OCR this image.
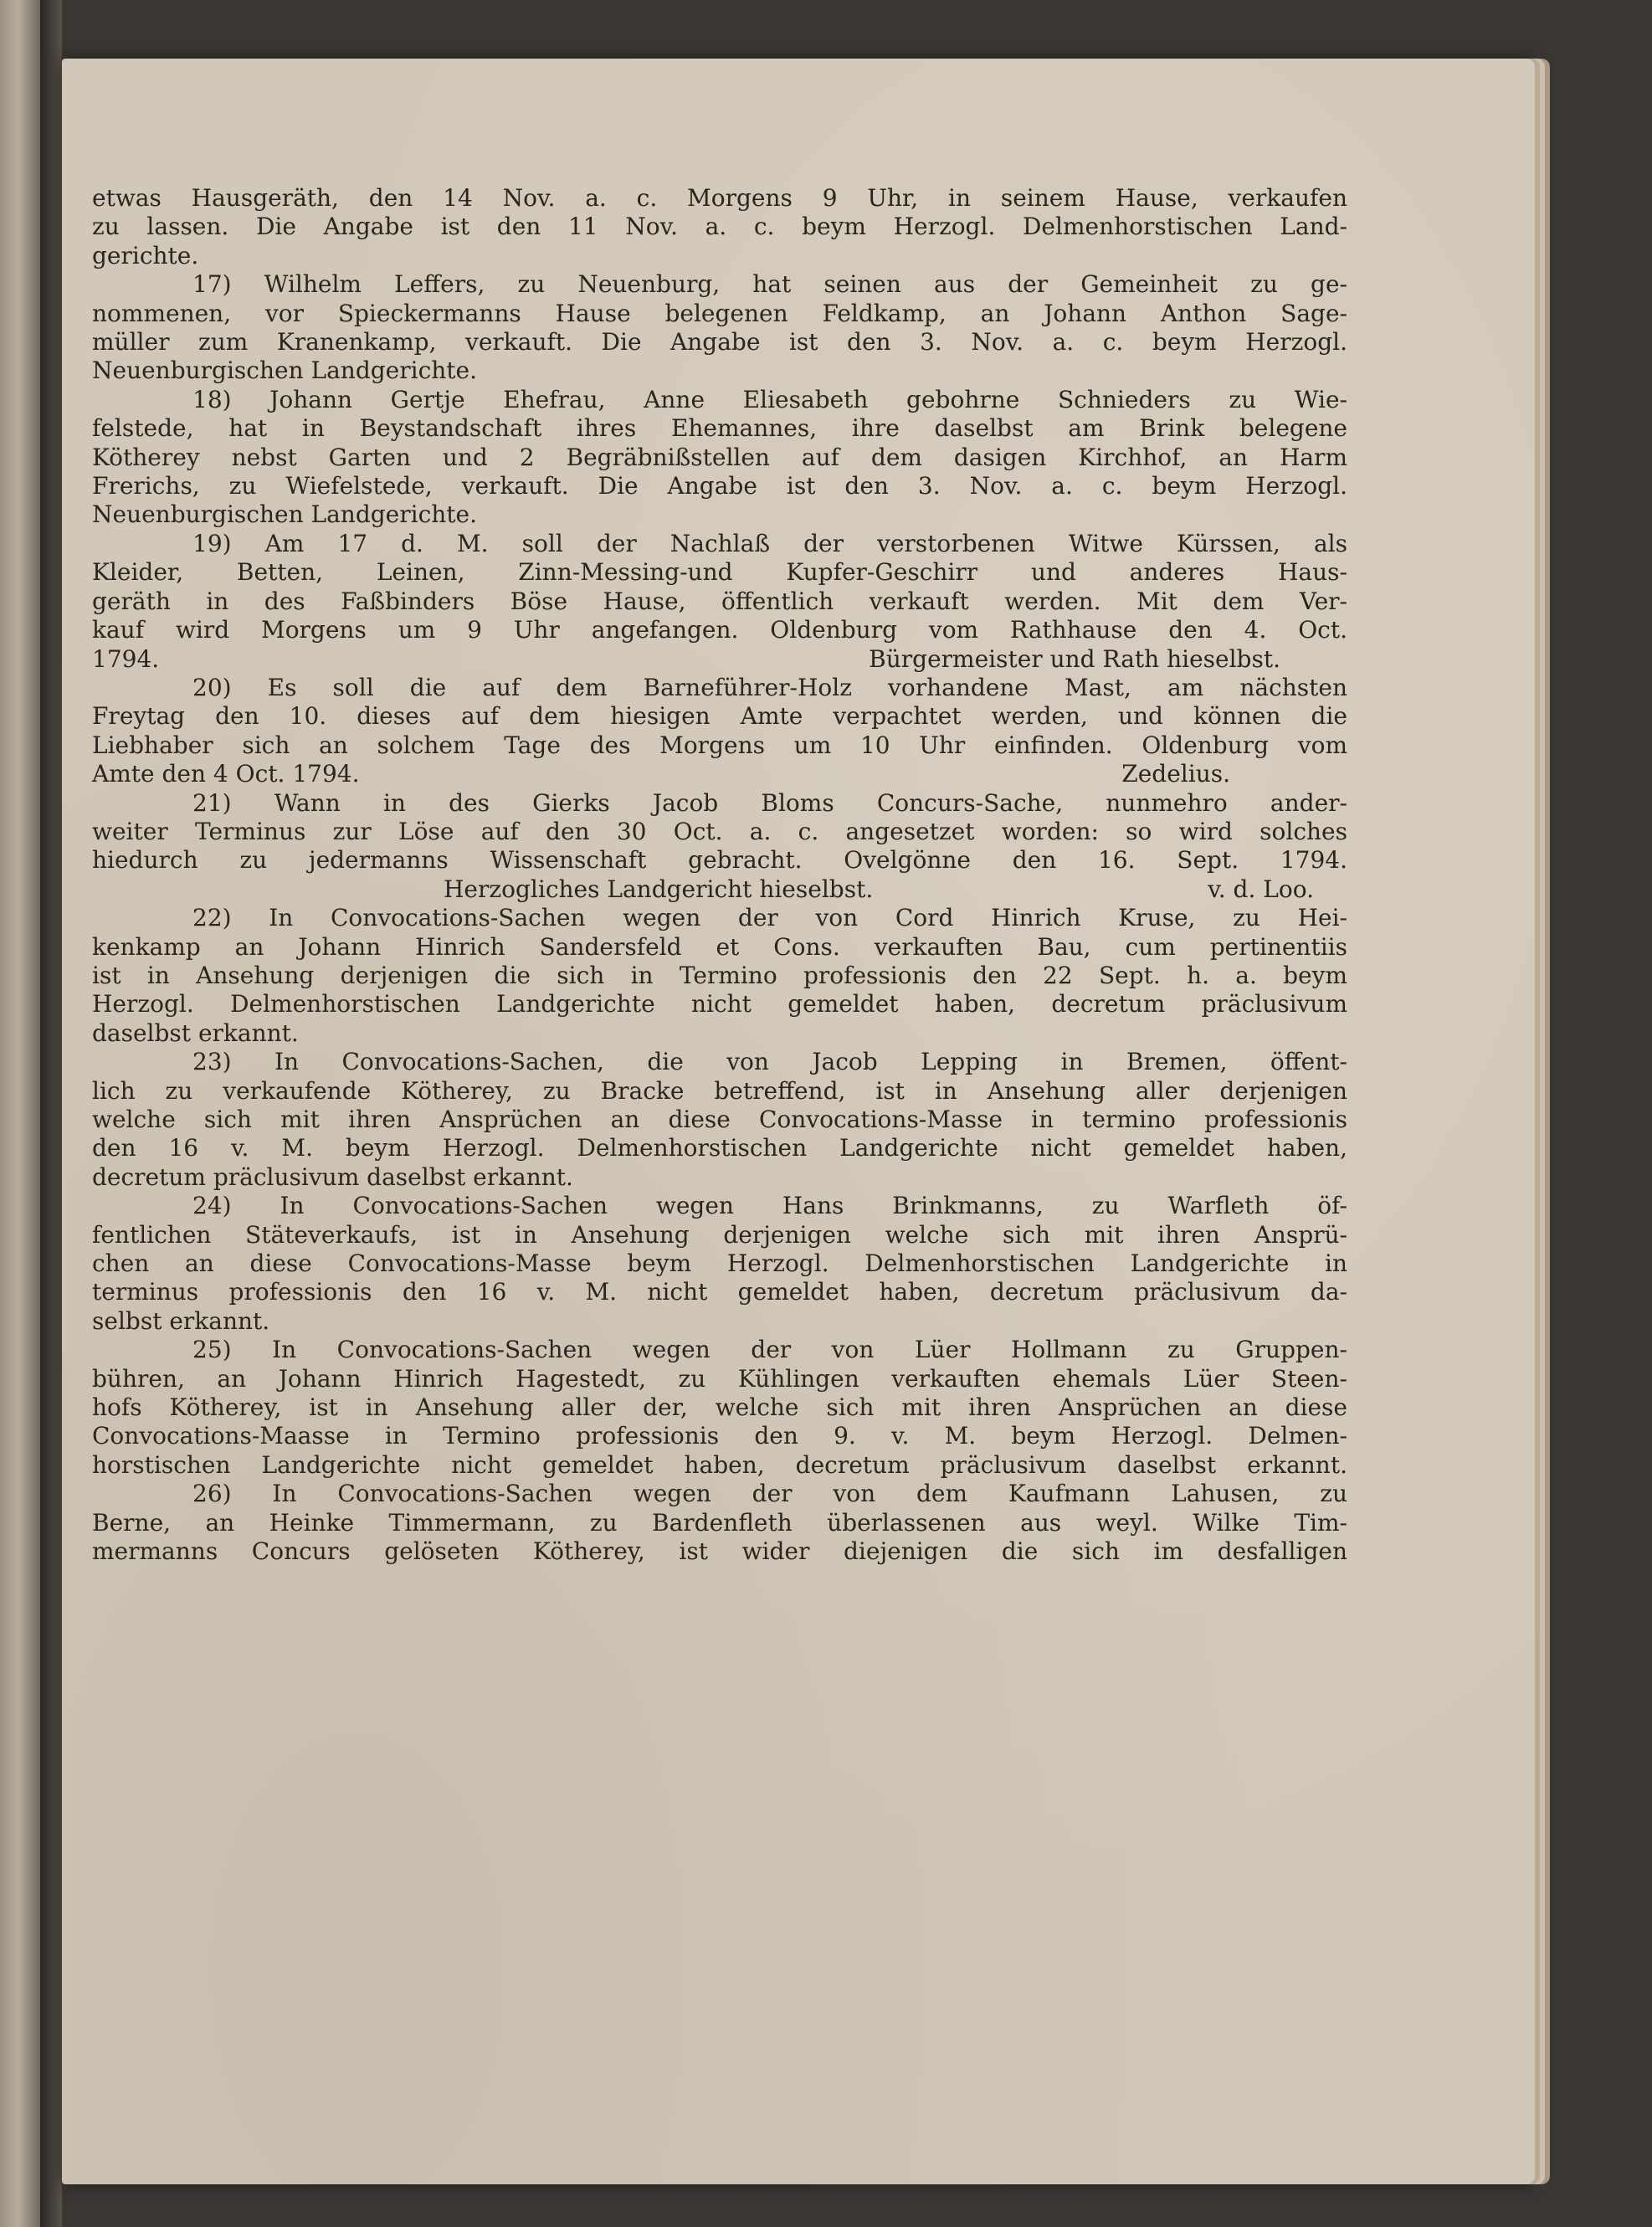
etwas Hausgeräth, den 14 Nov. a. c. Morgens 9 Uhr, in seinem Hause, verkaufen
zu lassen. Die Angabe ist den 11 Nov. a. c. beym Herzogl. Delmenhorstischen Land-
gerichte.
17) Wilhelm Leffers, zu Neuenburg, hat seinen aus der Gemeinheit zu ge-
nommenen, vor Spieckermanns Hause belegenen Feldkamp, an Johann Anthon Sage-
müller zum Kranenkamp, verkauft. Die Angabe ist den 3. Nov. a. c. beym Herzogl.
Neuenburgischen Landgerichte.
18) Johann Gertje Ehefrau, Anne Eliesabeth gebohrne Schnieders zu Wie-
felstede, hat in Beystandschaft ihres Ehemannes, ihre daselbst am Brink belegene
Kötherey nebst Garten und 2 Begräbnißstellen auf dem dasigen Kirchhof, an Harm
Frerichs, zu Wiefelstede, verkauft. Die Angabe ist den 3. Nov. a. c. beym Herzogl.
Neuenburgischen Landgerichte.
19) Am 17 d. M. soll der Nachlaß der verstorbenen Witwe Kürssen, als
Kleider, Betten, Leinen, Zinn-Messing-und Kupfer-Geschirr und anderes Haus-
geräth in des Faßbinders Böse Hause, öffentlich verkauft werden. Mit dem Ver-
kauf wird Morgens um 9 Uhr angefangen. Oldenburg vom Rathhause den 4. Oct.
1794.	Bürgermeister und Rath hieselbst.
20) Es soll die auf dem Barneführer-Holz vorhandene Mast, am nächsten
Freytag den 10. dieses auf dem hiesigen Amte verpachtet werden, und können die
Liebhaber sich an solchem Tage des Morgens um 10 Uhr einfinden. Oldenburg vom
Amte den 4 Oct. 1794.	Zedelius.
21) Wann in des Gierks Jacob Bloms Concurs-Sache, nunmehro ander-
weiter Terminus zur Löse auf den 30 Oct. a. c. angesetzet worden: so wird solches
hiedurch zu jedermanns Wissenschaft gebracht. Ovelgönne den 16. Sept. 1794.
Herzogliches Landgericht hieselbst.	v. d. Loo.
22) In Convocations-Sachen wegen der von Cord Hinrich Kruse, zu Hei-
kenkamp an Johann Hinrich Sandersfeld et Cons. verkauften Bau, cum pertinentiis
ist in Ansehung derjenigen die sich in Termino professionis den 22 Sept. h. a. beym
Herzogl. Delmenhorstischen Landgerichte nicht gemeldet haben, decretum präclusivum
daselbst erkannt.
23) In Convocations-Sachen, die von Jacob Lepping in Bremen, öffent-
lich zu verkaufende Kötherey, zu Bracke betreffend, ist in Ansehung aller derjenigen
welche sich mit ihren Ansprüchen an diese Convocations-Masse in termino professionis
den 16 v. M. beym Herzogl. Delmenhorstischen Landgerichte nicht gemeldet haben,
decretum präclusivum daselbst erkannt.
24) In Convocations-Sachen wegen Hans Brinkmanns, zu Warfleth öf-
fentlichen Stäteverkaufs, ist in Ansehung derjenigen welche sich mit ihren Ansprü-
chen an diese Convocations-Masse beym Herzogl. Delmenhorstischen Landgerichte in
terminus professionis den 16 v. M. nicht gemeldet haben, decretum präclusivum da-
selbst erkannt.
25) In Convocations-Sachen wegen der von Lüer Hollmann zu Gruppen-
bühren, an Johann Hinrich Hagestedt, zu Kühlingen verkauften ehemals Lüer Steen-
hofs Kötherey, ist in Ansehung aller der, welche sich mit ihren Ansprüchen an diese
Convocations-Maasse in Termino professionis den 9. v. M. beym Herzogl. Delmen-
horstischen Landgerichte nicht gemeldet haben, decretum präclusivum daselbst erkannt.
26) In Convocations-Sachen wegen der von dem Kaufmann Lahusen, zu
Berne, an Heinke Timmermann, zu Bardenfleth überlassenen aus weyl. Wilke Tim-
mermanns Concurs gelöseten Kötherey, ist wider diejenigen die sich im desfalligen
